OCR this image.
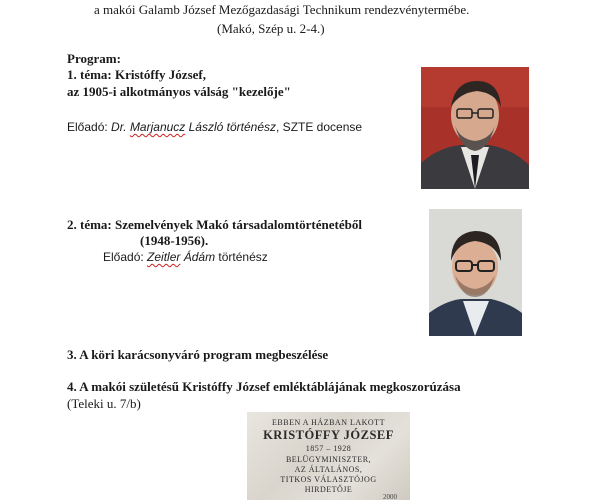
a makói Galamb József Mezőgazdasági Technikum rendezvénytermébe.
(Makó, Szép u. 2-4.)
Program:
1. téma: Kristóffy József,
az 1905-i alkotmányos válság "kezelője"
Előadó: Dr. Marjanucz László történész, SZTE docense
2. téma: Szemelvények Makó társadalomtörténetéből
(1948-1956).
Előadó: Zeitler Ádám történész
3. A köri karácsonyváró program megbeszélése
4. A makói születésű Kristóffy József emléktáblájának megkoszorúzása
(Teleki u. 7/b)
EBBEN A HÁZBAN LAKOTT
KRISTÓFFY JÓZSEF
1857 – 1928
BELÜGYMINISZTER,
AZ ÁLTALÁNOS,
TITKOS VÁLASZTÓJOG
HIRDETŐJE
2000
